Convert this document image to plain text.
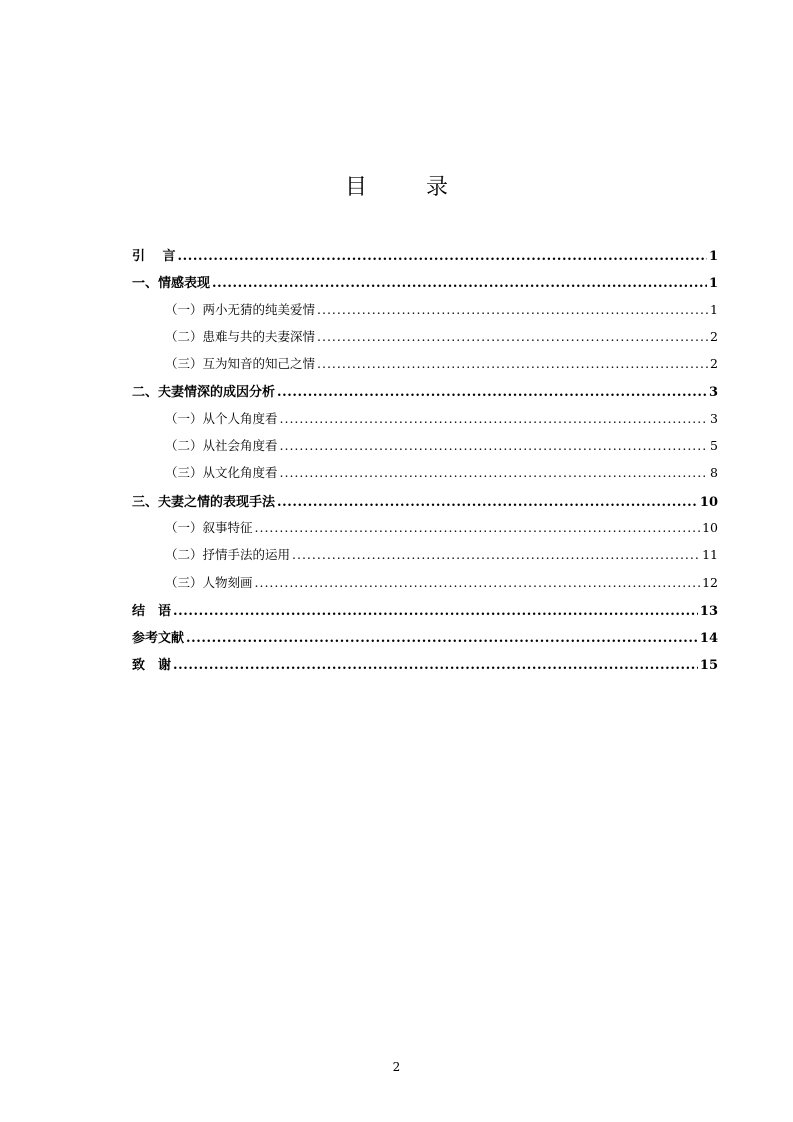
目 录
引　 言 .....	1
一、情感表现 .....	1
（一）两小无猜的纯美爱情 .....	1
（二）患难与共的夫妻深情 .....	2
（三）互为知音的知己之情 .....	2
二、夫妻情深的成因分析 .....	3
（一）从个人角度看 .....	3
（二）从社会角度看 .....	5
（三）从文化角度看 .....	8
三、夫妻之情的表现手法 .....	10
（一）叙事特征 .....	10
（二）抒情手法的运用 .....	11
（三）人物刻画 .....	12
结　语 .....	13
参考文献 .....	14
致　谢 .....	15
2
